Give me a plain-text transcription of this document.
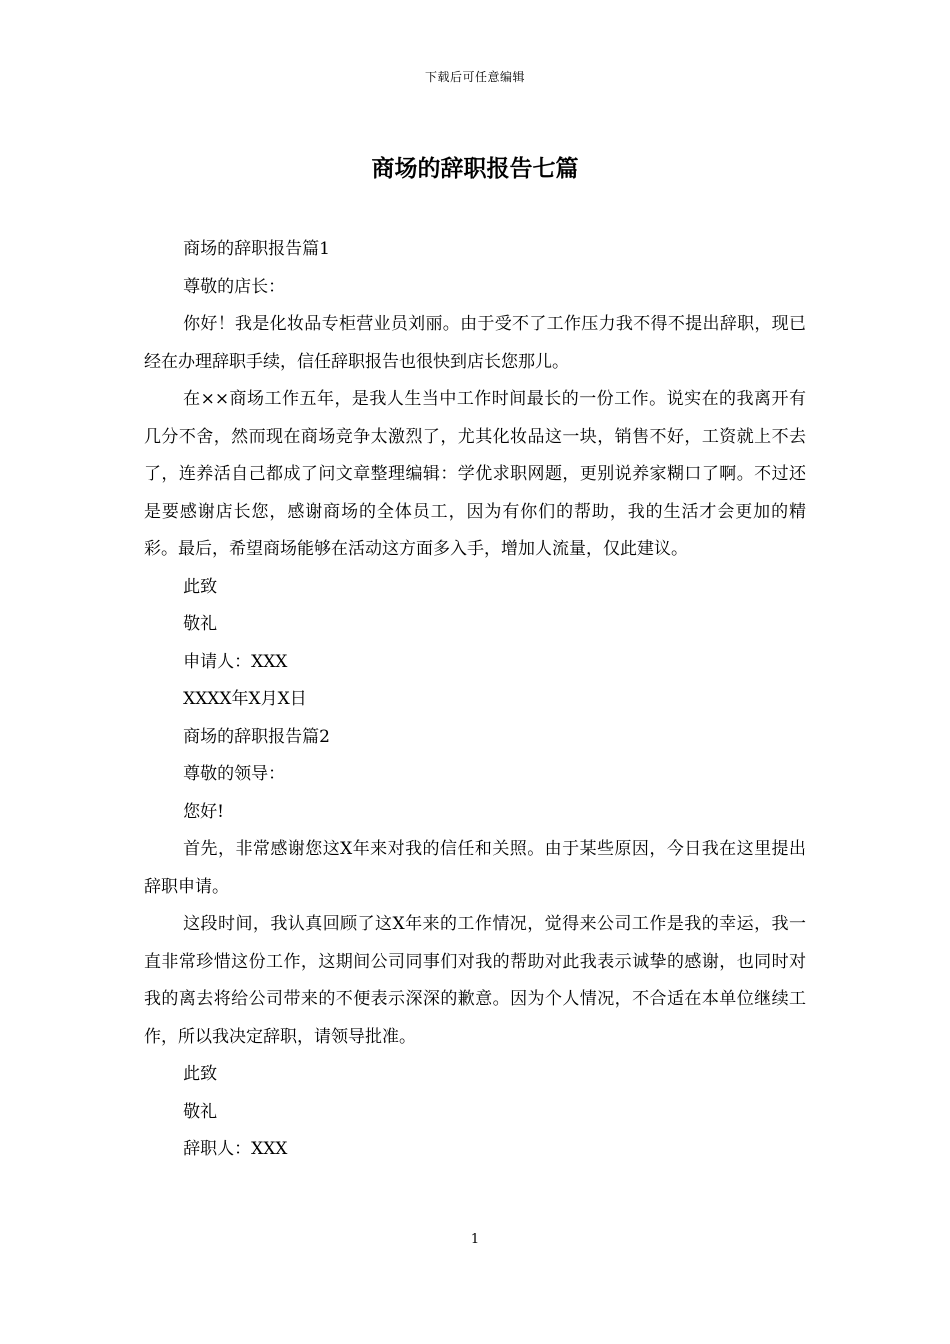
下载后可任意编辑
商场的辞职报告七篇

商场的辞职报告篇1

尊敬的店长：

你好！我是化妆品专柜营业员刘丽。由于受不了工作压力我不得不提出辞职，现已经在办理辞职手续，信任辞职报告也很快到店长您那儿。

在××商场工作五年，是我人生当中工作时间最长的一份工作。说实在的我离开有几分不舍，然而现在商场竞争太激烈了，尤其化妆品这一块，销售不好，工资就上不去了，连养活自己都成了问文章整理编辑：学优求职网题，更别说养家糊口了啊。不过还是要感谢店长您，感谢商场的全体员工，因为有你们的帮助，我的生活才会更加的精彩。最后，希望商场能够在活动这方面多入手，增加人流量，仅此建议。

此致

敬礼

申请人：XXX

XXXX年X月X日

商场的辞职报告篇2

尊敬的领导：

您好!

首先，非常感谢您这X年来对我的信任和关照。由于某些原因，今日我在这里提出辞职申请。

这段时间，我认真回顾了这X年来的工作情况，觉得来公司工作是我的幸运，我一直非常珍惜这份工作，这期间公司同事们对我的帮助对此我表示诚挚的感谢，也同时对我的离去将给公司带来的不便表示深深的歉意。因为个人情况，不合适在本单位继续工作，所以我决定辞职，请领导批准。

此致

敬礼

辞职人：XXX

1
